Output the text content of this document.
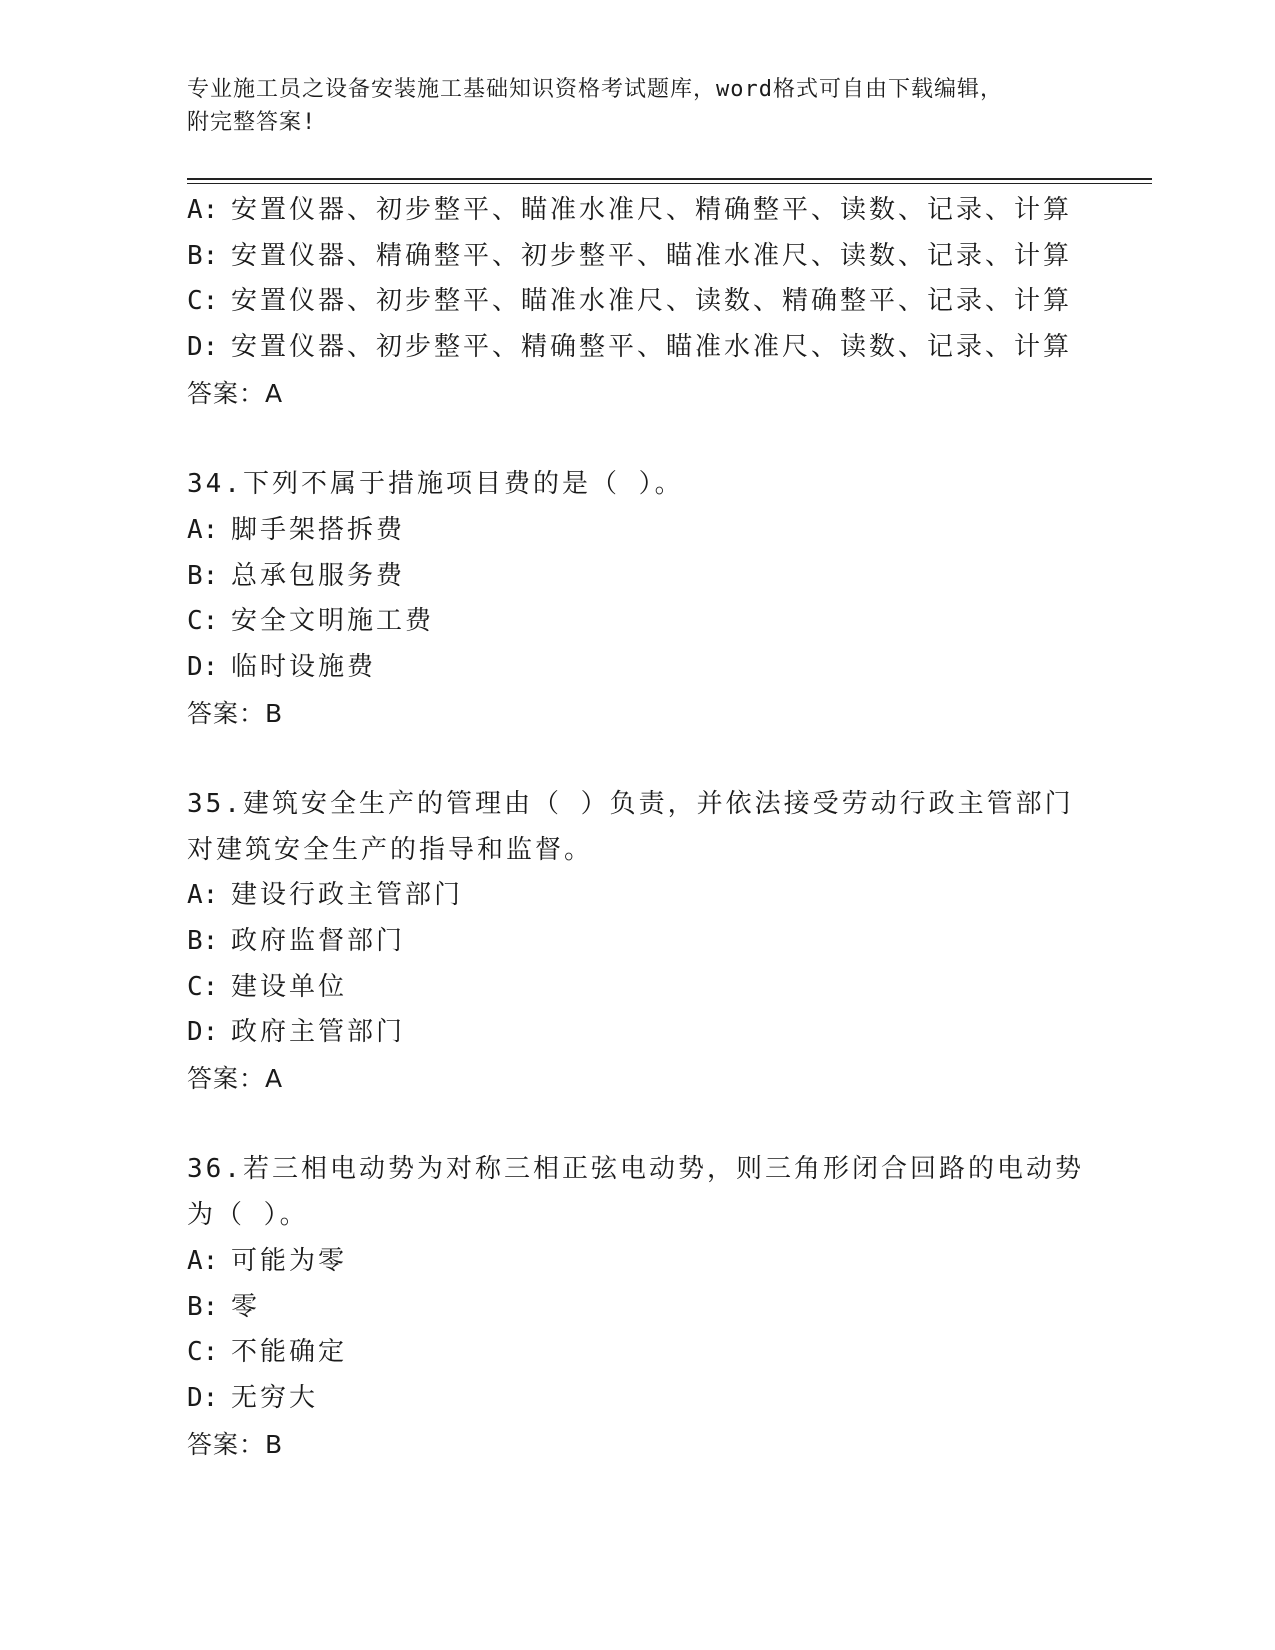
专业施工员之设备安装施工基础知识资格考试题库，word格式可自由下载编辑，
附完整答案!
A: 安置仪器、初步整平、瞄准水准尺、精确整平、读数、记录、计算
B: 安置仪器、精确整平、初步整平、瞄准水准尺、读数、记录、计算
C: 安置仪器、初步整平、瞄准水准尺、读数、精确整平、记录、计算
D: 安置仪器、初步整平、精确整平、瞄准水准尺、读数、记录、计算
答案：A
34.下列不属于措施项目费的是（ ）。
A: 脚手架搭拆费
B: 总承包服务费
C: 安全文明施工费
D: 临时设施费
答案：B
35.建筑安全生产的管理由（ ）负责，并依法接受劳动行政主管部门
对建筑安全生产的指导和监督。
A: 建设行政主管部门
B: 政府监督部门
C: 建设单位
D: 政府主管部门
答案：A
36.若三相电动势为对称三相正弦电动势，则三角形闭合回路的电动势
为（ ）。
A: 可能为零
B: 零
C: 不能确定
D: 无穷大
答案：B
